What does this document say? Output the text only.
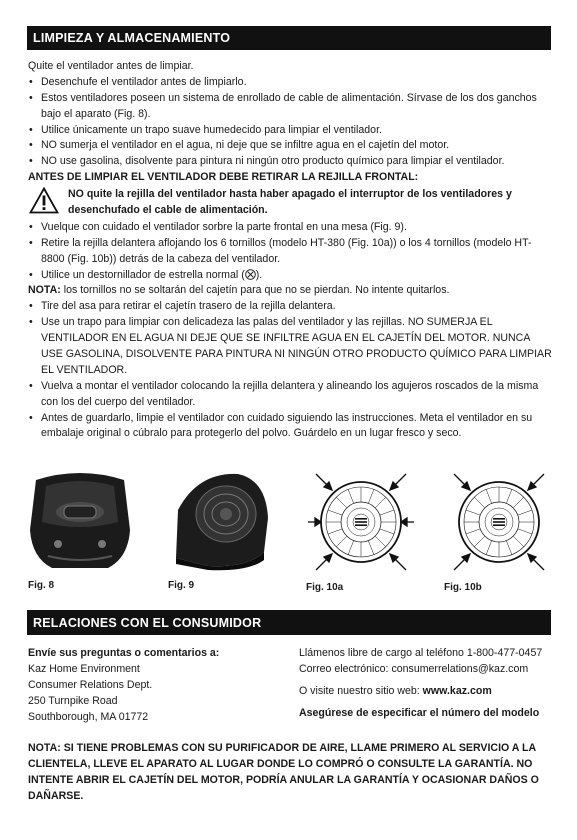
LIMPIEZA Y ALMACENAMIENTO

Quite el ventilador antes de limpiar.

• Desenchufe el ventilador antes de limpiarlo.
• Estos ventiladores poseen un sistema de enrollado de cable de alimentación. Sírvase de los dos ganchos bajo el aparato (Fig. 8).
• Utilice únicamente un trapo suave humedecido para limpiar el ventilador.
• NO sumerja el ventilador en el agua, ni deje que se infiltre agua en el cajetín del motor.
• NO use gasolina, disolvente para pintura ni ningún otro producto químico para limpiar el ventilador.

ANTES DE LIMPIAR EL VENTILADOR DEBE RETIRAR LA REJILLA FRONTAL:

NO quite la rejilla del ventilador hasta haber apagado el interruptor de los ventiladores y desenchufado el cable de alimentación.
• Vuelque con cuidado el ventilador sorbre la parte frontal en una mesa (Fig. 9).
• Retire la rejilla delantera aflojando los 6 tornillos (modelo HT-380 (Fig. 10a)) o los 4 tornillos (modelo HT-8800 (Fig. 10b)) detrás de la cabeza del ventilador.
• Utilice un destornillador de estrella normal ( ).

NOTA: los tornillos no se soltarán del cajetín para que no se pierdan. No intente quitarlos.

• Tire del asa para retirar el cajetín trasero de la rejilla delantera.
• Use un trapo para limpiar con delicadeza las palas del ventilador y las rejillas. NO SUMERJA EL VENTILADOR EN EL AGUA NI DEJE QUE SE INFILTRE AGUA EN EL CAJETÍN DEL MOTOR. NUNCA USE GASOLINA, DISOLVENTE PARA PINTURA NI NINGÚN OTRO PRODUCTO QUÍMICO PARA LIMPIAR EL VENTILADOR.
• Vuelva a montar el ventilador colocando la rejilla delantera y alineando los agujeros roscados de la misma con los del cuerpo del ventilador.
• Antes de guardarlo, limpie el ventilador con cuidado siguiendo las instrucciones. Meta el ventilador en su embalaje original o cúbralo para protegerlo del polvo. Guárdelo en un lugar fresco y seco.
Fig. 8	Fig. 9	Fig. 10a	Fig. 10b
RELACIONES CON EL CONSUMIDOR
Envíe sus preguntas o comentarios a:
Kaz Home Environment
Consumer Relations Dept.
250 Turnpike Road
Southborough, MA 01772
Llámenos libre de cargo al teléfono 1-800-477-0457
Correo electrónico: consumerrelations@kaz.com
O visite nuestro sitio web: www.kaz.com
Asegúrese de especificar el número del modelo
NOTA: SI TIENE PROBLEMAS CON SU PURIFICADOR DE AIRE, LLAME PRIMERO AL SERVICIO A LA CLIENTELA, LLEVE EL APARATO AL LUGAR DONDE LO COMPRÓ O CONSULTE LA GARANTÍA. NO INTENTE ABRIR EL CAJETÍN DEL MOTOR, PODRÍA ANULAR LA GARANTÍA Y OCASIONAR DAÑOS O DAÑARSE.
